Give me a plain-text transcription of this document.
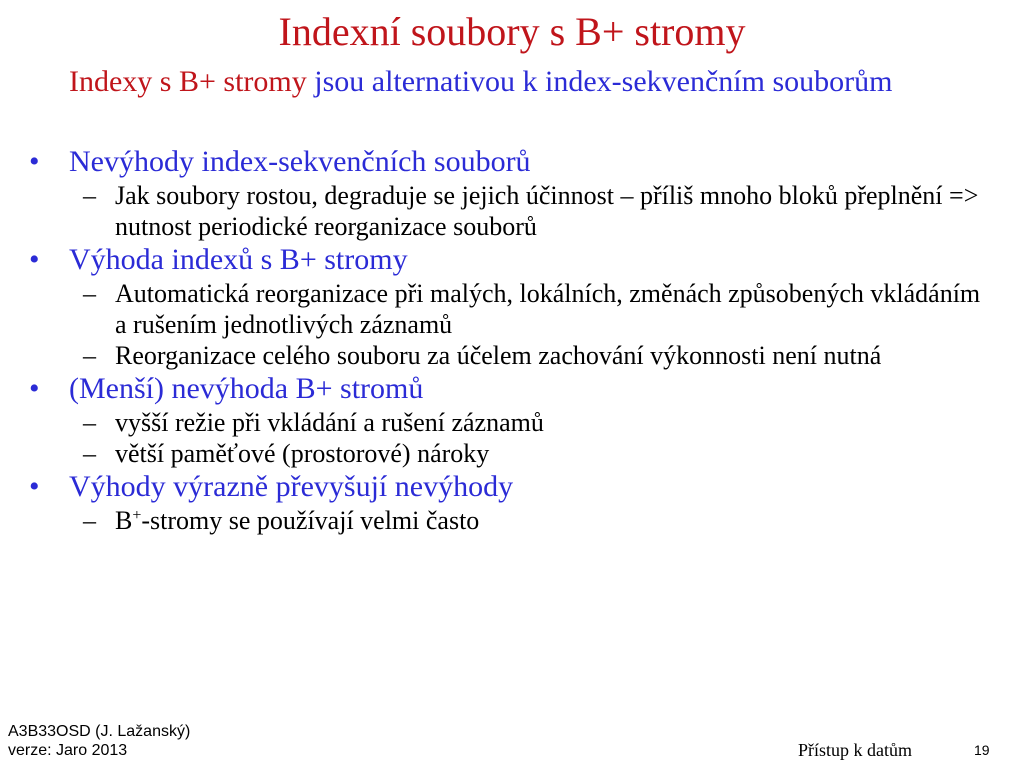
Indexní soubory s B+ stromy
Indexy s B+ stromy jsou alternativou k index-sekvenčním souborům
• Nevýhody index-sekvenčních souborů
– Jak soubory rostou, degraduje se jejich účinnost – příliš mnoho bloků přeplnění => nutnost periodické reorganizace souborů
• Výhoda indexů s B+ stromy
– Automatická reorganizace při malých, lokálních, změnách způsobených vkládáním a rušením jednotlivých záznamů
– Reorganizace celého souboru za účelem zachování výkonnosti není nutná
• (Menší) nevýhoda B+ stromů
– vyšší režie při vkládání a rušení záznamů
– větší paměťové (prostorové) nároky
• Výhody výrazně převyšují nevýhody
– B+-stromy se používají velmi často
A3B33OSD (J. Lažanský)
verze: Jaro 2013	Přístup k datům	19
